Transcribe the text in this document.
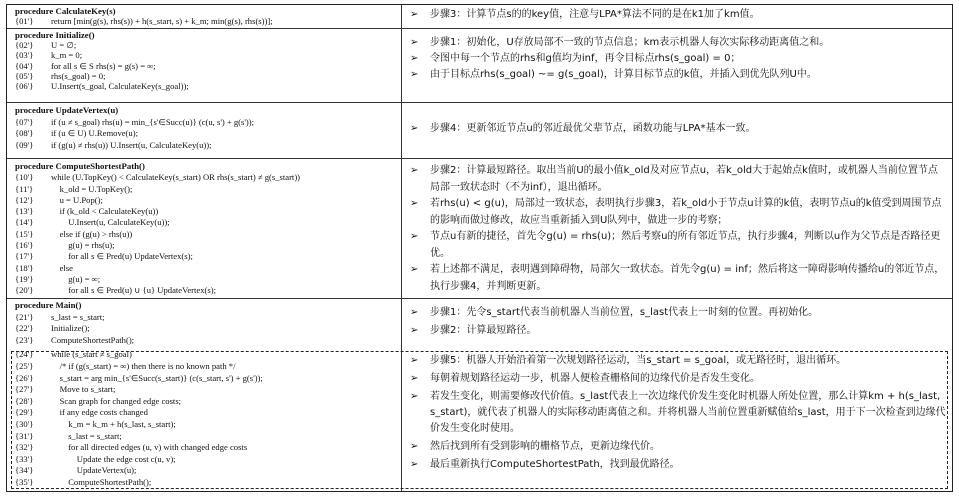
procedure CalculateKey(s)
{01'} return [min(g(s), rhs(s)) + h(s_start, s) + k_m; min(g(s), rhs(s))];
➢	步骤3：计算节点s的的key值，注意与LPA*算法不同的是在k1加了km值。
procedure Initialize()
{02'} U = ∅;
{03'} k_m = 0;
{04'} for all s ∈ S rhs(s) = g(s) = ∞;
{05'} rhs(s_goal) = 0;
{06'} U.Insert(s_goal, CalculateKey(s_goal));
➢	步骤1：初始化，U存放局部不一致的节点信息；km表示机器人每次实际移动距离值之和。
➢	令图中每一个节点的rhs和g值均为inf，再令目标点rhs(s_goal) = 0；
➢	由于目标点rhs(s_goal) ~= g(s_goal)，计算目标节点的k值，并插入到优先队列U中。
procedure UpdateVertex(u)
{07'} if (u ≠ s_goal) rhs(u) = min_{s'∈Succ(u)} (c(u, s') + g(s'));
{08'} if (u ∈ U) U.Remove(u);
{09'} if (g(u) ≠ rhs(u)) U.Insert(u, CalculateKey(u));
➢	步骤4：更新邻近节点u的邻近最优父辈节点，函数功能与LPA*基本一致。
procedure ComputeShortestPath()
{10'} while (U.TopKey() < CalculateKey(s_start) OR rhs(s_start) ≠ g(s_start))
{11'}    k_old = U.TopKey();
{12'}    u = U.Pop();
{13'}    if (k_old < CalculateKey(u))
{14'}        U.Insert(u, CalculateKey(u));
{15'}    else if (g(u) > rhs(u))
{16'}        g(u) = rhs(u);
{17'}        for all s ∈ Pred(u) UpdateVertex(s);
{18'}    else
{19'}        g(u) = ∞;
{20'}        for all s ∈ Pred(u) ∪ {u} UpdateVertex(s);
➢	步骤2：计算最短路径。取出当前U的最小值k_old及对应节点u，若k_old大于起始点k值时，或机器人当前位置节点局部一致状态时（不为inf），退出循环。
➢	若rhs(u) < g(u)，局部过一致状态，表明执行步骤3，若k_old小于节点u计算的k值，表明节点u的k值受到周围节点的影响而做过修改，故应当重新插入到U队列中，做进一步的考察；
➢	节点u有新的捷径，首先令g(u) = rhs(u)；然后考察u的所有邻近节点，执行步骤4，判断以u作为父节点是否路径更优。
➢	若上述都不满足，表明遇到障碍物，局部欠一致状态。首先令g(u) = inf；然后将这一障碍影响传播给u的邻近节点，执行步骤4，并判断更新。
procedure Main()
{21'} s_last = s_start;
{22'} Initialize();
{23'} ComputeShortestPath();
{24'} while (s_start ≠ s_goal)
{25'}    /* if (g(s_start) = ∞) then there is no known path */
{26'}    s_start = arg min_{s'∈Succ(s_start)} (c(s_start, s') + g(s'));
{27'}    Move to s_start;
{28'}    Scan graph for changed edge costs;
{29'}    if any edge costs changed
{30'}        k_m = k_m + h(s_last, s_start);
{31'}        s_last = s_start;
{32'}        for all directed edges (u, v) with changed edge costs
{33'}            Update the edge cost c(u, v);
{34'}            UpdateVertex(u);
{35'}        ComputeShortestPath();
➢	步骤1：先令s_start代表当前机器人当前位置，s_last代表上一时刻的位置。再初始化。
➢	步骤2：计算最短路径。
➢	步骤5：机器人开始沿着第一次规划路径运动，当s_start = s_goal，或无路径时，退出循环。
➢	每朝着规划路径运动一步，机器人便检查栅格间的边缘代价是否发生变化。
➢	若发生变化，则需要修改代价值。s_last代表上一次边缘代价发生变化时机器人所处位置，那么计算km + h(s_last, s_start)，就代表了机器人的实际移动距离值之和。并将机器人当前位置重新赋值给s_last，用于下一次检查到边缘代价发生变化时使用。
➢	然后找到所有受到影响的栅格节点，更新边缘代价。
➢	最后重新执行ComputeShortestPath，找到最优路径。
